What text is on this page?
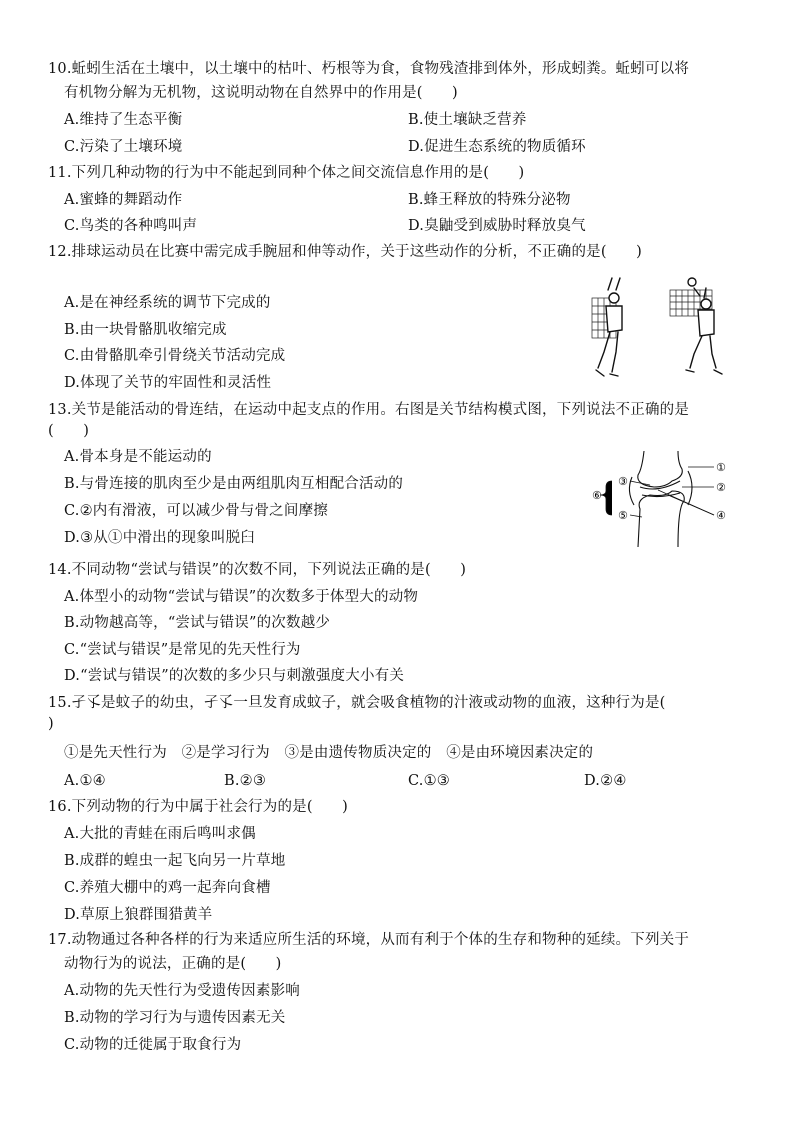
10.蚯蚓生活在土壤中，以土壤中的枯叶、朽根等为食，食物残渣排到体外，形成蚓粪。蚯蚓可以将
有机物分解为无机物，这说明动物在自然界中的作用是(　　)
A.维持了生态平衡	B.使土壤缺乏营养
C.污染了土壤环境	D.促进生态系统的物质循环
11.下列几种动物的行为中不能起到同种个体之间交流信息作用的是(　　)
A.蜜蜂的舞蹈动作	B.蜂王释放的特殊分泌物
C.鸟类的各种鸣叫声	D.臭鼬受到威胁时释放臭气
12.排球运动员在比赛中需完成手腕屈和伸等动作，关于这些动作的分析，不正确的是(　　)
A.是在神经系统的调节下完成的
B.由一块骨骼肌收缩完成
C.由骨骼肌牵引骨绕关节活动完成
D.体现了关节的牢固性和灵活性
13.关节是能活动的骨连结，在运动中起支点的作用。右图是关节结构模式图，下列说法不正确的是
(　　)
A.骨本身是不能运动的
B.与骨连接的肌肉至少是由两组肌肉互相配合活动的
C.②内有滑液，可以减少骨与骨之间摩擦
D.③从①中滑出的现象叫脱臼
①
②
③
④
⑤
⑥
14.不同动物“尝试与错误”的次数不同，下列说法正确的是(　　)
A.体型小的动物“尝试与错误”的次数多于体型大的动物
B.动物越高等，“尝试与错误”的次数越少
C.“尝试与错误”是常见的先天性行为
D.“尝试与错误”的次数的多少只与刺激强度大小有关
15.孑孓是蚊子的幼虫，孑孓一旦发育成蚊子，就会吸食植物的汁液或动物的血液，这种行为是(
)
①是先天性行为　②是学习行为　③是由遗传物质决定的　④是由环境因素决定的
A.①④	B.②③	C.①③	D.②④
16.下列动物的行为中属于社会行为的是(　　)
A.大批的青蛙在雨后鸣叫求偶
B.成群的蝗虫一起飞向另一片草地
C.养殖大棚中的鸡一起奔向食槽
D.草原上狼群围猎黄羊
17.动物通过各种各样的行为来适应所生活的环境，从而有利于个体的生存和物种的延续。下列关于
动物行为的说法，正确的是(　　)
A.动物的先天性行为受遗传因素影响
B.动物的学习行为与遗传因素无关
C.动物的迁徙属于取食行为
